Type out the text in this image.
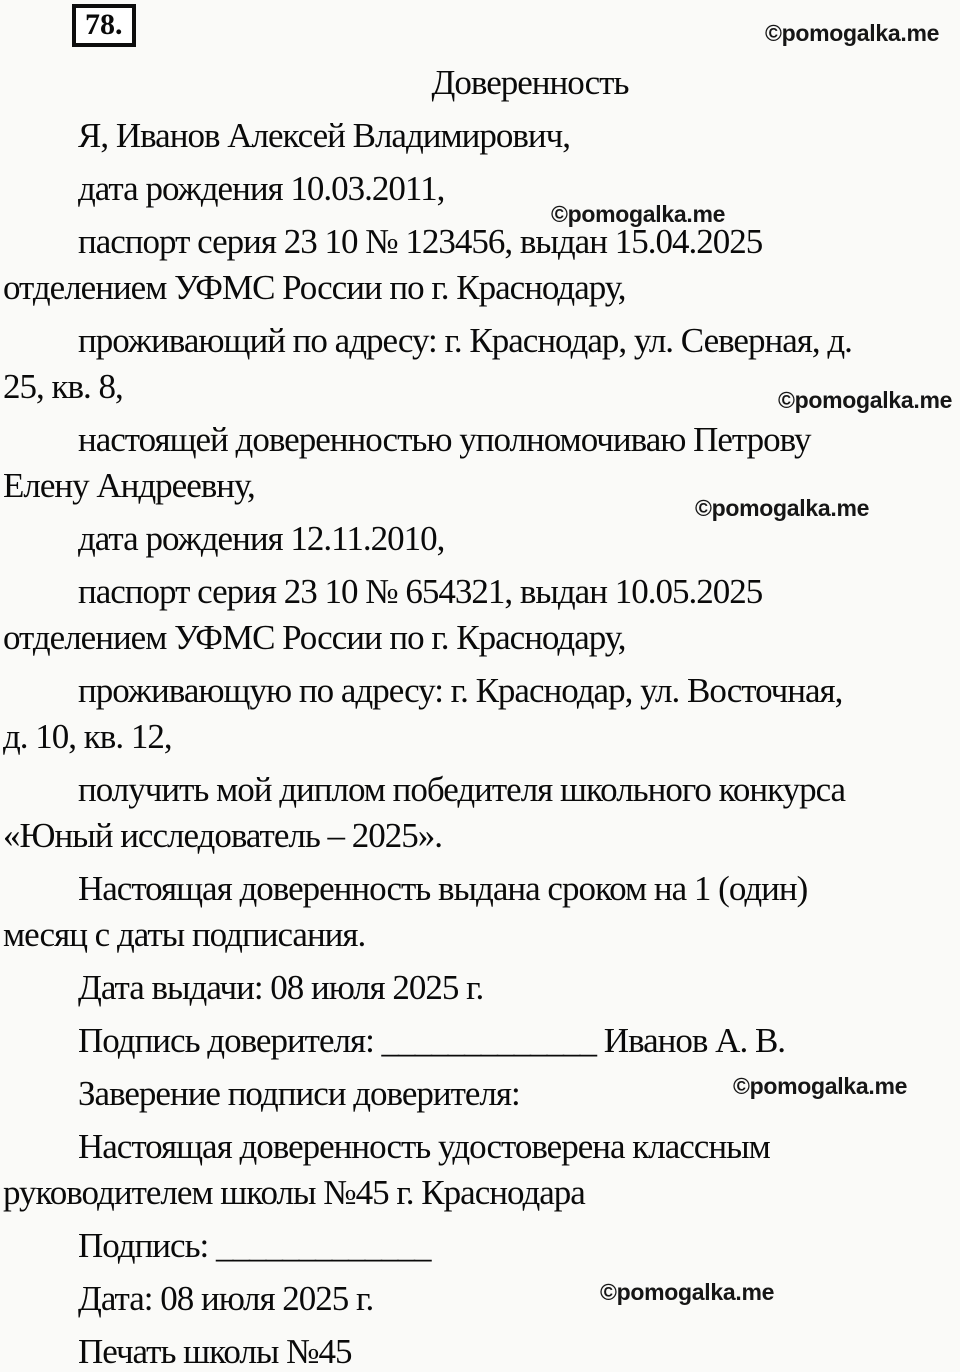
78.	©pomogalka.me
©pomogalka.me
©pomogalka.me
©pomogalka.me
©pomogalka.me
©pomogalka.me
Доверенность

Я, Иванов Алексей Владимирович,

дата рождения 10.03.2011,

паспорт серия 23 10 № 123456, выдан 15.04.2025
отделением УФМС России по г. Краснодару,

проживающий по адресу: г. Краснодар, ул. Северная, д.
25, кв. 8,

настоящей доверенностью уполномочиваю Петрову
Елену Андреевну,

дата рождения 12.11.2010,

паспорт серия 23 10 № 654321, выдан 10.05.2025
отделением УФМС России по г. Краснодару,

проживающую по адресу: г. Краснодар, ул. Восточная,
д. 10, кв. 12,

получить мой диплом победителя школьного конкурса
«Юный исследователь – 2025».

Настоящая доверенность выдана сроком на 1 (один)
месяц с даты подписания.

Дата выдачи: 08 июля 2025 г.

Подпись доверителя: _____________ Иванов А. В.

Заверение подписи доверителя:

Настоящая доверенность удостоверена классным
руководителем школы №45 г. Краснодара

Подпись: _____________

Дата: 08 июля 2025 г.

Печать школы №45
